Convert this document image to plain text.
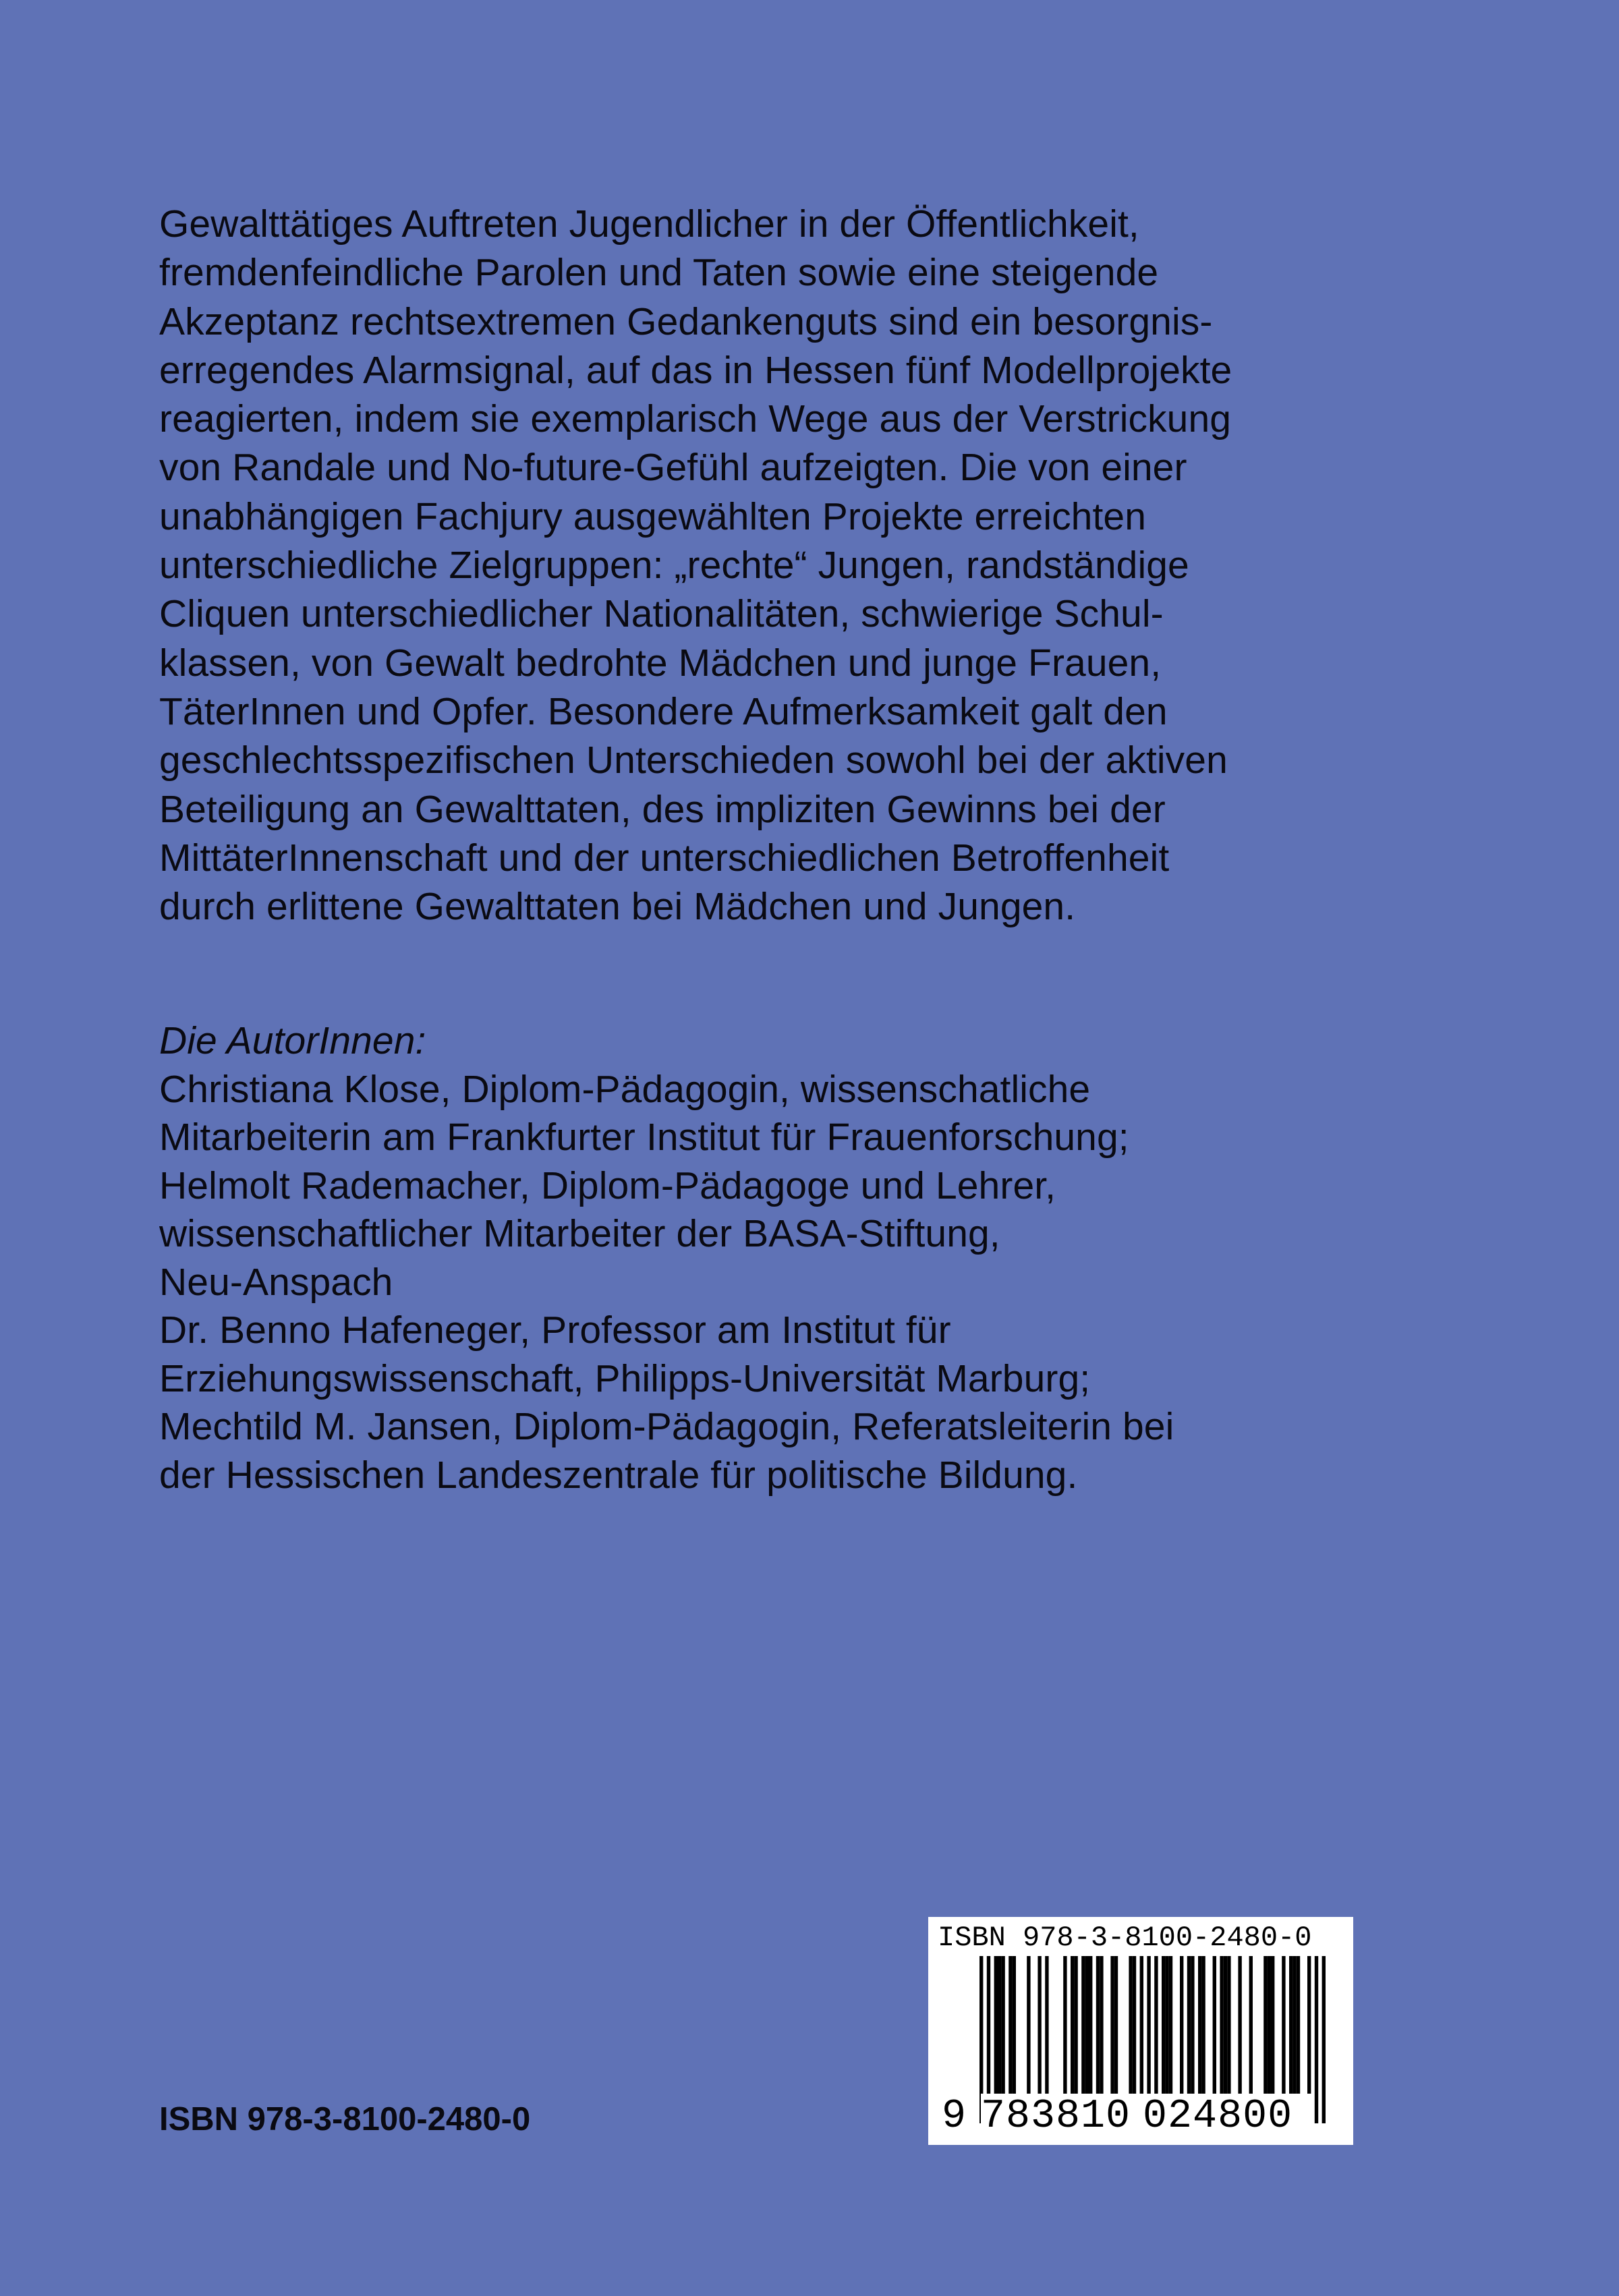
Gewalttätiges Auftreten Jugendlicher in der Öffentlichkeit,
fremdenfeindliche Parolen und Taten sowie eine steigende
Akzeptanz rechtsextremen Gedankenguts sind ein besorgnis-
erregendes Alarmsignal, auf das in Hessen fünf Modellprojekte
reagierten, indem sie exemplarisch Wege aus der Verstrickung
von Randale und No-future-Gefühl aufzeigten. Die von einer
unabhängigen Fachjury ausgewählten Projekte erreichten
unterschiedliche Zielgruppen: „rechte“ Jungen, randständige
Cliquen unterschiedlicher Nationalitäten, schwierige Schul-
klassen, von Gewalt bedrohte Mädchen und junge Frauen,
TäterInnen und Opfer. Besondere Aufmerksamkeit galt den
geschlechtsspezifischen Unterschieden sowohl bei der aktiven
Beteiligung an Gewalttaten, des impliziten Gewinns bei der
MittäterInnenschaft und der unterschiedlichen Betroffenheit
durch erlittene Gewalttaten bei Mädchen und Jungen.
Die AutorInnen:
Christiana Klose, Diplom-Pädagogin, wissenschatliche
Mitarbeiterin am Frankfurter Institut für Frauenforschung;
Helmolt Rademacher, Diplom-Pädagoge und Lehrer,
wissenschaftlicher Mitarbeiter der BASA-Stiftung,
Neu-Anspach
Dr. Benno Hafeneger, Professor am Institut für
Erziehungswissenschaft, Philipps-Universität Marburg;
Mechtild M. Jansen, Diplom-Pädagogin, Referatsleiterin bei
der Hessischen Landeszentrale für politische Bildung.
ISBN 978-3-8100-2480-0
ISBN 978-3-8100-2480-0
9 783810 024800
